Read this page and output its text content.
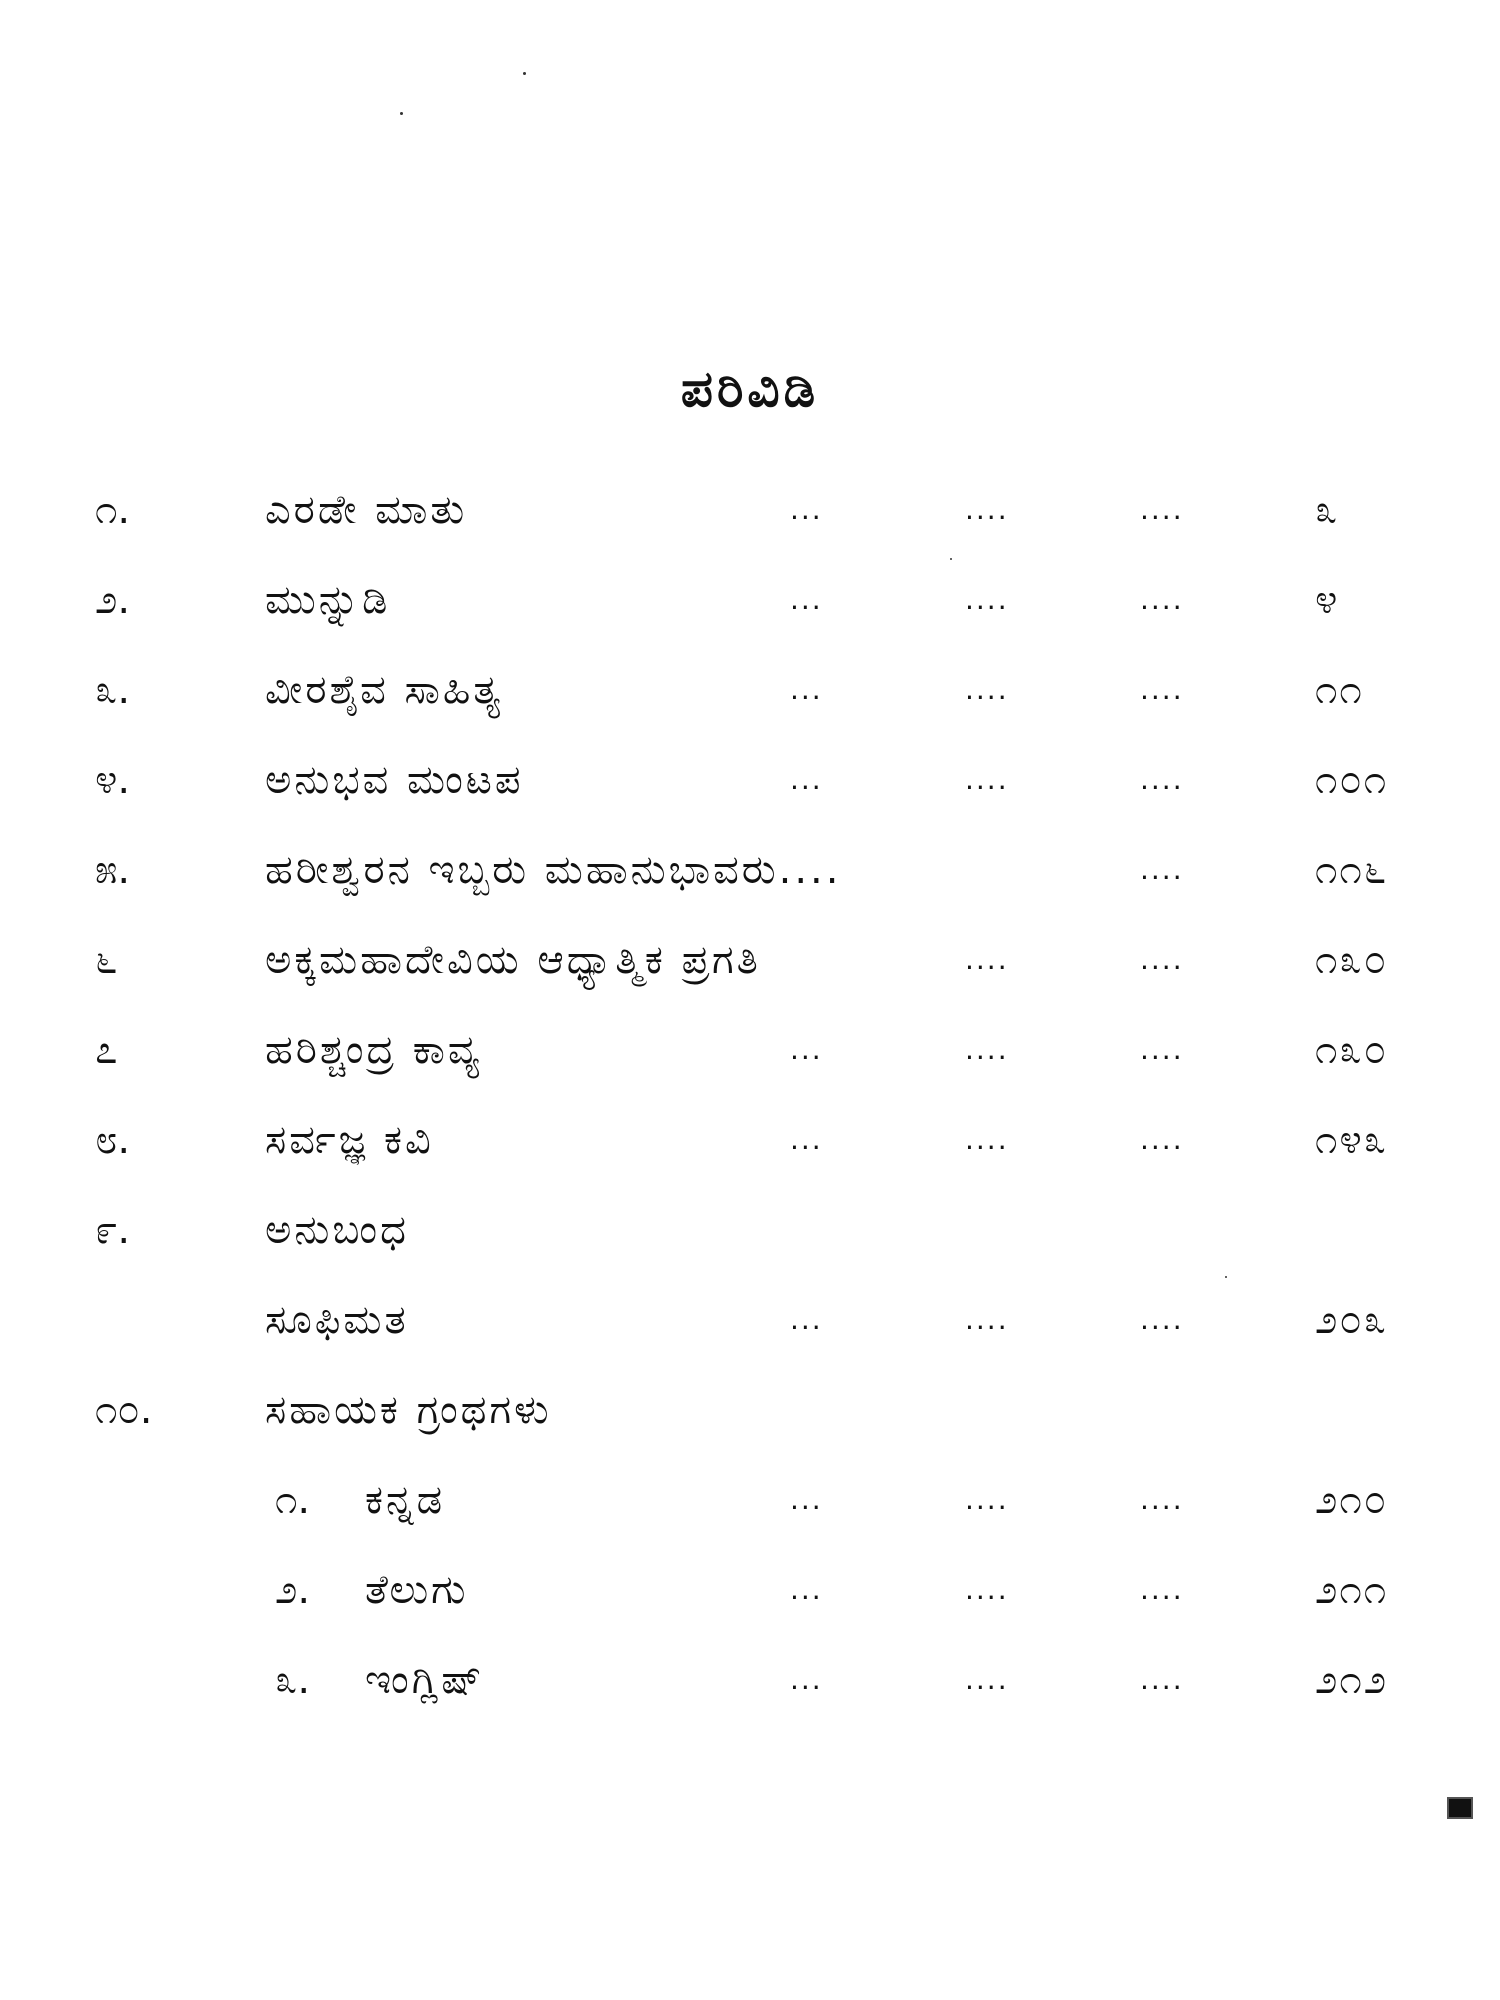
ಪರಿವಿಡಿ
೧.	ಎರಡೇ ಮಾತು	...	....	....	೩
೨.	ಮುನ್ನುಡಿ	...	....	....	೪
೩.	ವೀರಶೈವ ಸಾಹಿತ್ಯ	...	....	....	೧೧
೪.	ಅನುಭವ ಮಂಟಪ	...	....	....	೧೦೧
೫.	ಹರೀಶ್ವರನ ಇಬ್ಬರು ಮಹಾನುಭಾವರು....	....	೧೧೬
೬	ಅಕ್ಕಮಹಾದೇವಿಯ ಆಧ್ಯಾತ್ಮಿಕ ಪ್ರಗತಿ	....	....	೧೩೦
೭	ಹರಿಶ್ಚಂದ್ರ ಕಾವ್ಯ	...	....	....	೧೩೦
೮.	ಸರ್ವಜ್ಞ ಕವಿ	...	....	....	೧೪೩
೯.	ಅನುಬಂಧ
ಸೂಫಿಮತ	...	....	....	೨೦೩
೧೦.	ಸಹಾಯಕ ಗ್ರಂಥಗಳು
೧. ಕನ್ನಡ	...	....	....	೨೧೦
೨. ತೆಲುಗು	...	....	....	೨೧೧
೩. ಇಂಗ್ಲಿಷ್	...	....	....	೨೧೨
